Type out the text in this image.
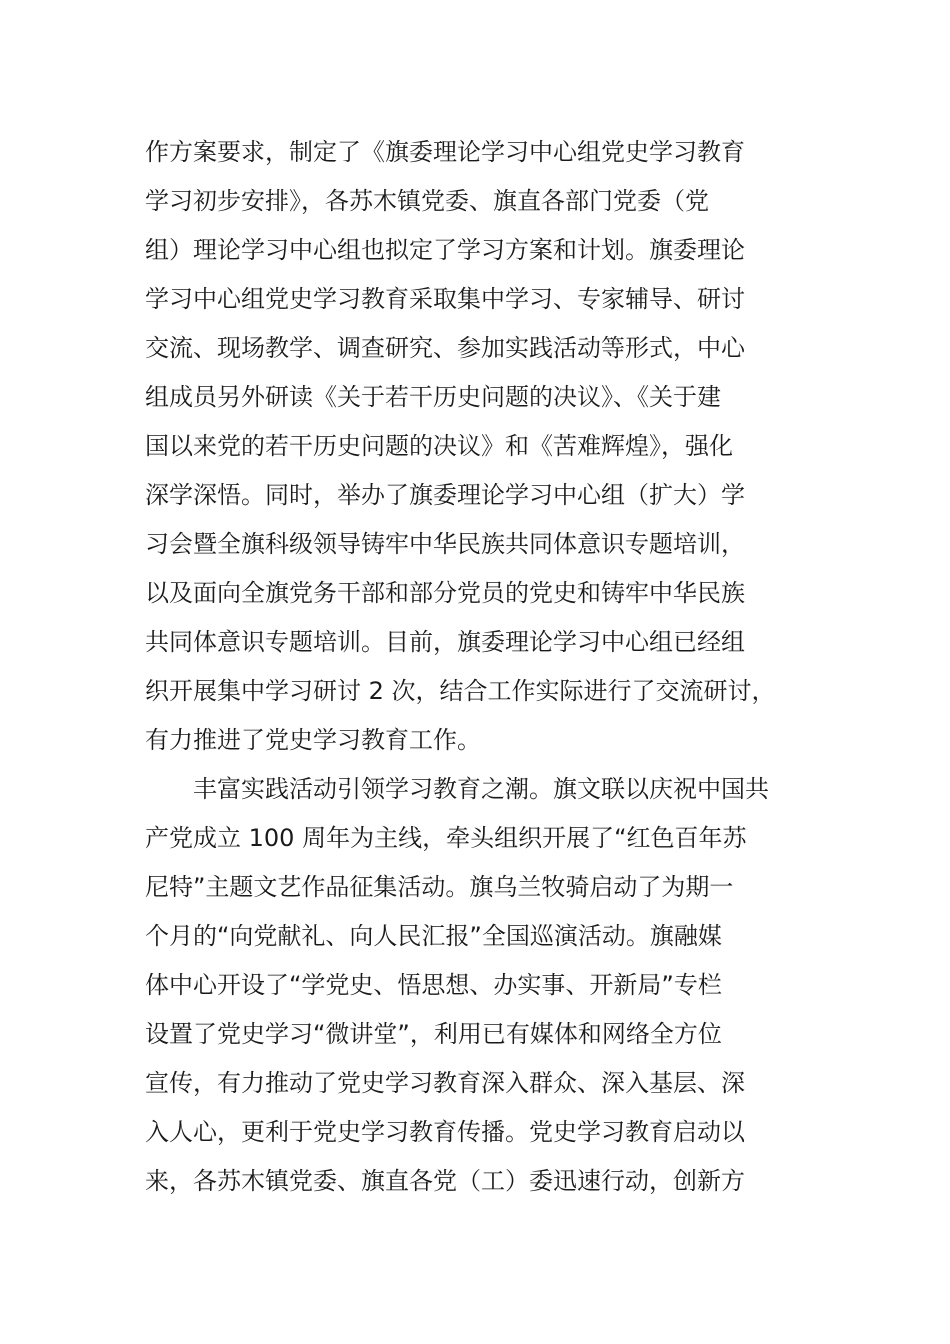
作方案要求，制定了《旗委理论学习中心组党史学习教育
学习初步安排》，各苏木镇党委、旗直各部门党委（党
组）理论学习中心组也拟定了学习方案和计划。旗委理论
学习中心组党史学习教育采取集中学习、专家辅导、研讨
交流、现场教学、调查研究、参加实践活动等形式，中心
组成员另外研读《关于若干历史问题的决议》、《关于建
国以来党的若干历史问题的决议》和《苦难辉煌》，强化
深学深悟。同时，举办了旗委理论学习中心组（扩大）学
习会暨全旗科级领导铸牢中华民族共同体意识专题培训，
以及面向全旗党务干部和部分党员的党史和铸牢中华民族
共同体意识专题培训。目前，旗委理论学习中心组已经组
织开展集中学习研讨 2 次，结合工作实际进行了交流研讨，
有力推进了党史学习教育工作。
丰富实践活动引领学习教育之潮。旗文联以庆祝中国共
产党成立 100 周年为主线，牵头组织开展了“红色百年苏
尼特”主题文艺作品征集活动。旗乌兰牧骑启动了为期一
个月的“向党献礼、向人民汇报”全国巡演活动。旗融媒
体中心开设了“学党史、悟思想、办实事、开新局”专栏
设置了党史学习“微讲堂”，利用已有媒体和网络全方位
宣传，有力推动了党史学习教育深入群众、深入基层、深
入人心，更利于党史学习教育传播。党史学习教育启动以
来，各苏木镇党委、旗直各党（工）委迅速行动，创新方
